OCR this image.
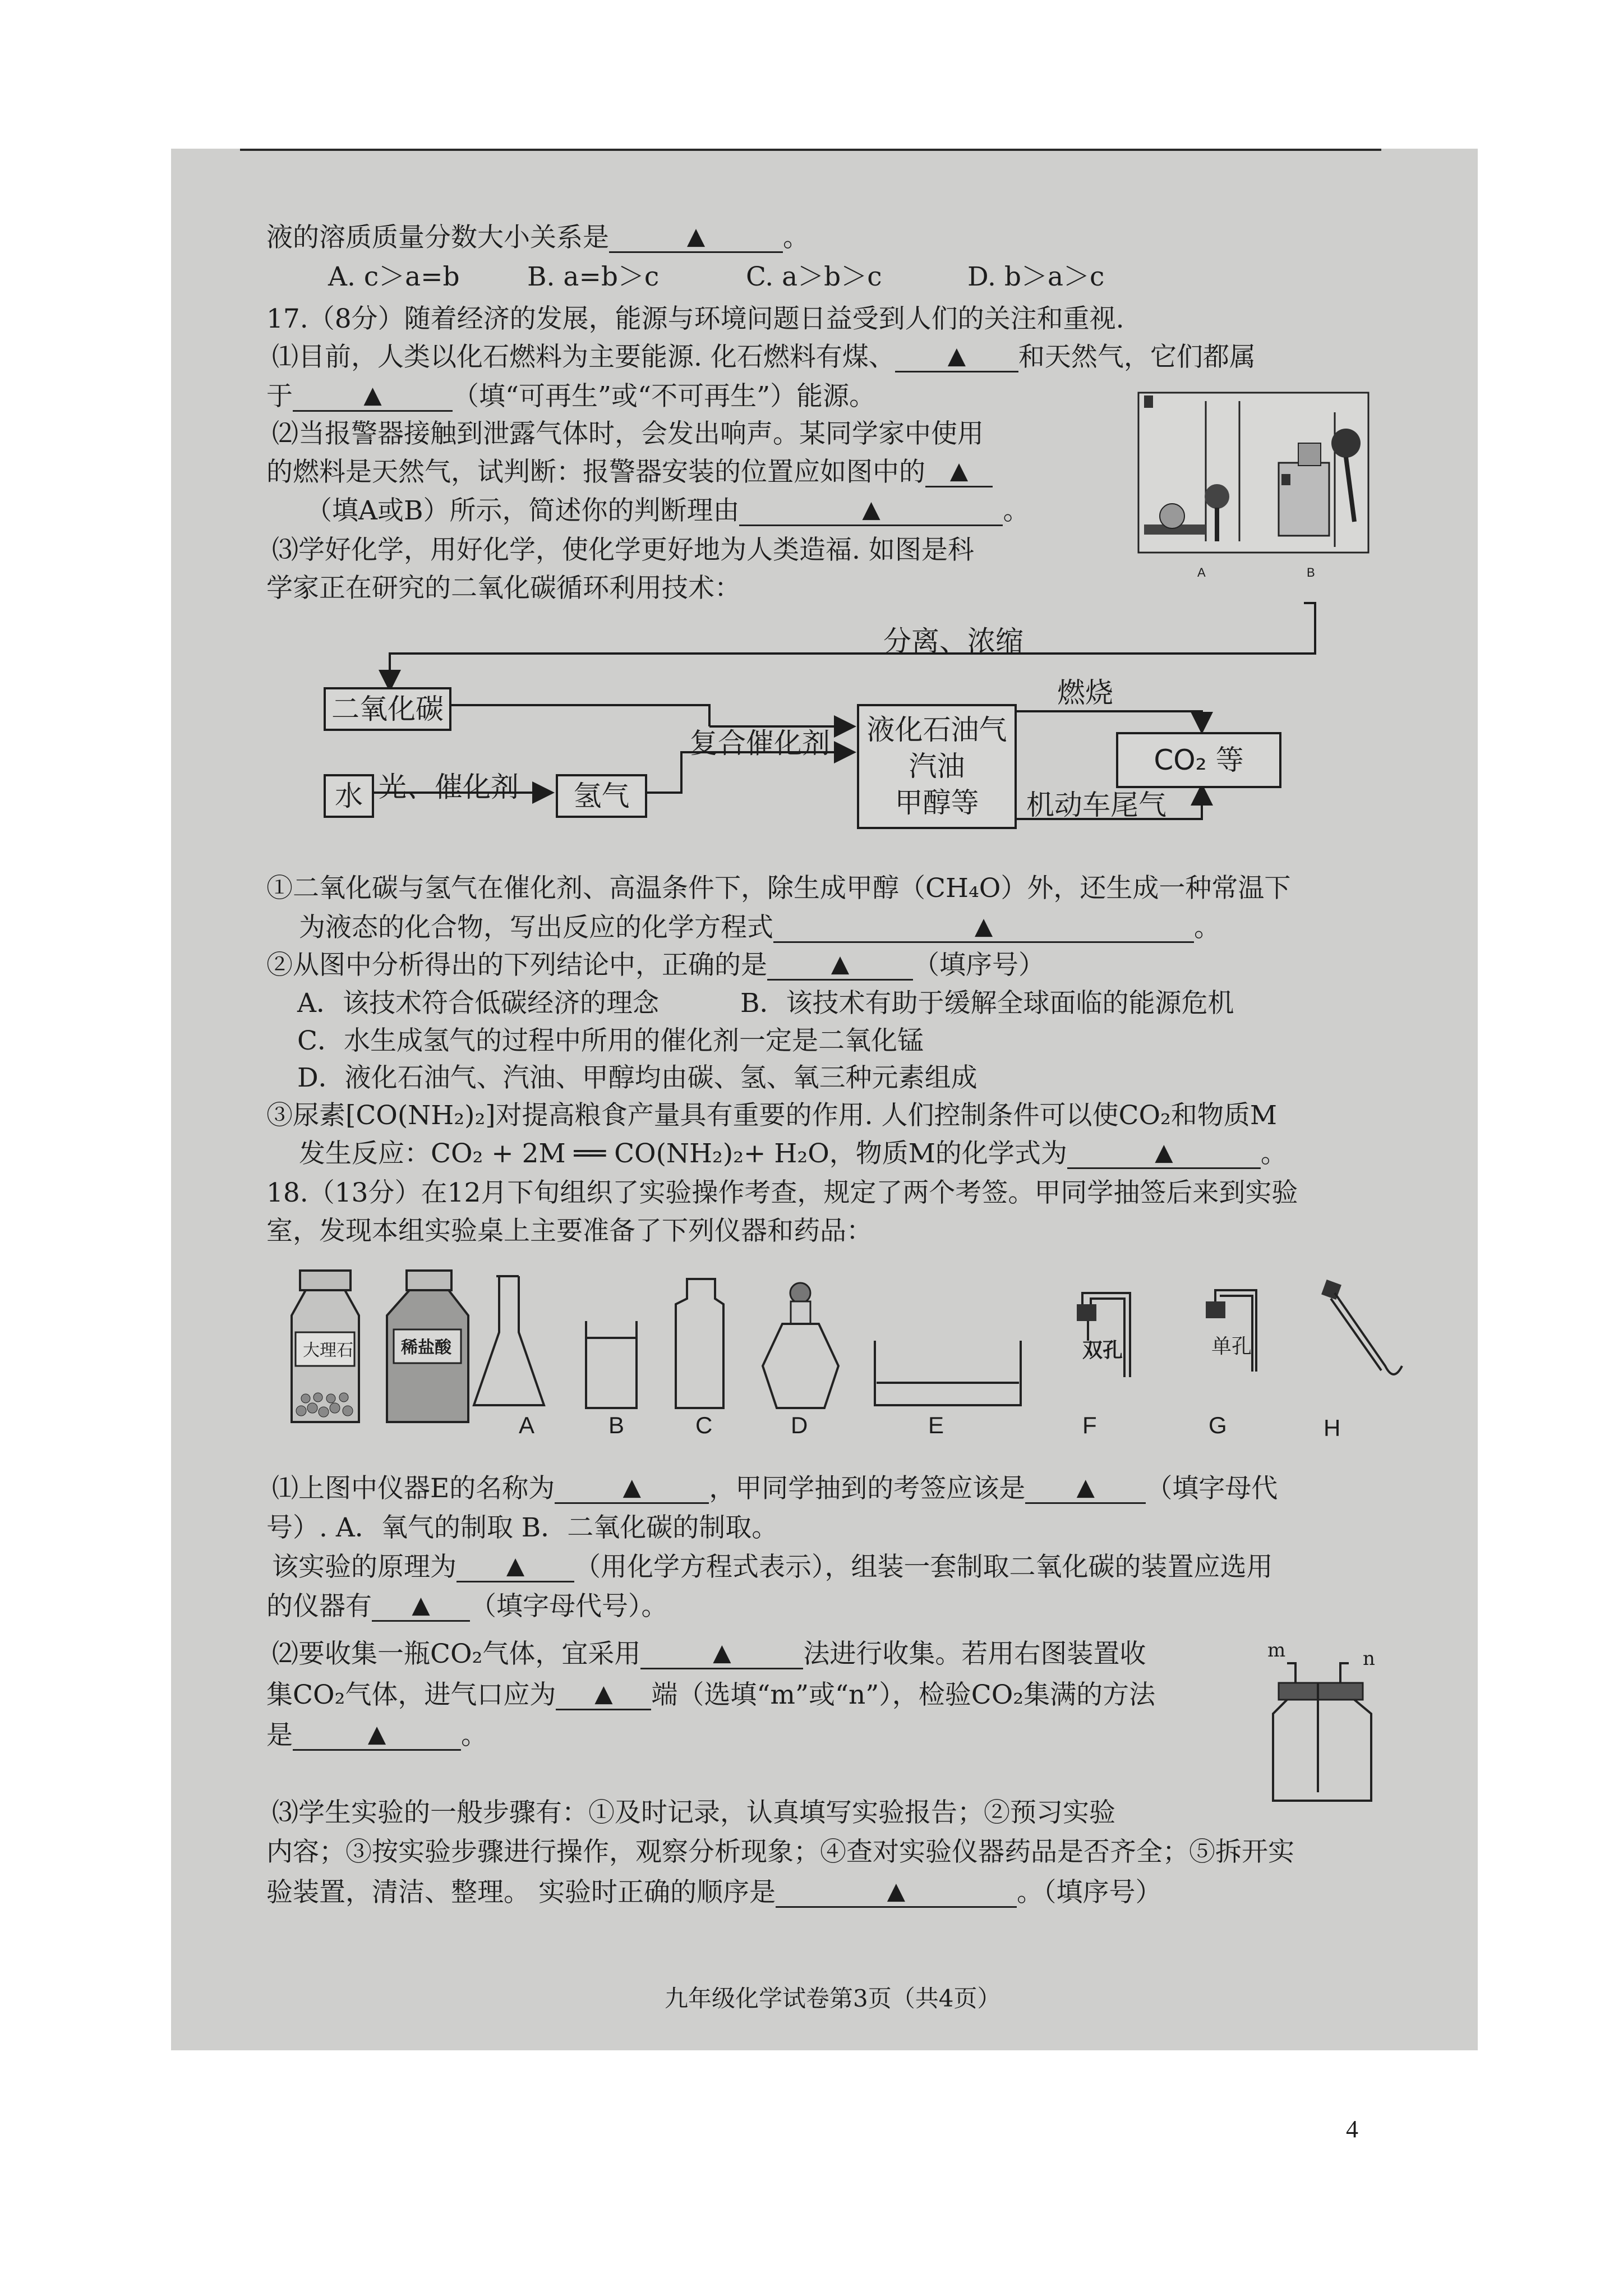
液的溶质质量分数大小关系是	▲	。
A. c＞a=b	B. a=b＞c	C. a＞b＞c	D. b＞a＞c
17.（8分）随着经济的发展，能源与环境问题日益受到人们的关注和重视.
⑴目前，人类以化石燃料为主要能源. 化石燃料有煤、 ▲ 和天然气，它们都属
于	▲	（填“可再生”或“不可再生”）能源。
⑵当报警器接触到泄露气体时，会发出响声。某同学家中使用
的燃料是天然气，试判断：报警器安装的位置应如图中的 ▲
（填A或B）所示，简述你的判断理由	▲	。
⑶学好化学，用好化学，使化学更好地为人类造福. 如图是科
学家正在研究的二氧化碳循环利用技术：
A	B
二氧化碳
水	氢气
液化石油气
汽油
甲醇等
CO₂ 等
分离、浓缩
光、催化剂
复合催化剂
燃烧
机动车尾气
①二氧化碳与氢气在催化剂、高温条件下，除生成甲醇（CH₄O）外，还生成一种常温下
为液态的化合物，写出反应的化学方程式	▲	。
②从图中分析得出的下列结论中，正确的是	▲ （填序号）
A．该技术符合低碳经济的理念	B．该技术有助于缓解全球面临的能源危机
C．水生成氢气的过程中所用的催化剂一定是二氧化锰
D．液化石油气、汽油、甲醇均由碳、氢、氧三种元素组成
③尿素[CO(NH₂)₂]对提高粮食产量具有重要的作用. 人们控制条件可以使CO₂和物质M
发生反应：CO₂ + 2M ══ CO(NH₂)₂+ H₂O，物质M的化学式为	▲	。
18.（13分）在12月下旬组织了实验操作考查，规定了两个考签。甲同学抽签后来到实验
室，发现本组实验桌上主要准备了下列仪器和药品：
大理石	稀盐酸	双孔	单孔
A	B	C	D	E	F	G	H
⑴上图中仪器E的名称为	▲	，甲同学抽到的考签应该是 ▲ （填字母代
号）. A．氧气的制取 B．二氧化碳的制取。
该实验的原理为 ▲ （用化学方程式表示），组装一套制取二氧化碳的装置应选用
的仪器有 ▲ （填字母代号）。
⑵要收集一瓶CO₂气体，宜采用	▲	法进行收集。若用右图装置收
集CO₂气体，进气口应为 ▲ 端（选填“m”或“n”），检验CO₂集满的方法
是	▲	。
m	n
⑶学生实验的一般步骤有：①及时记录，认真填写实验报告；②预习实验
内容；③按实验步骤进行操作，观察分析现象；④查对实验仪器药品是否齐全；⑤拆开实
验装置，清洁、整理。 实验时正确的顺序是	▲	。（填序号）
九年级化学试卷第3页（共4页）
4
